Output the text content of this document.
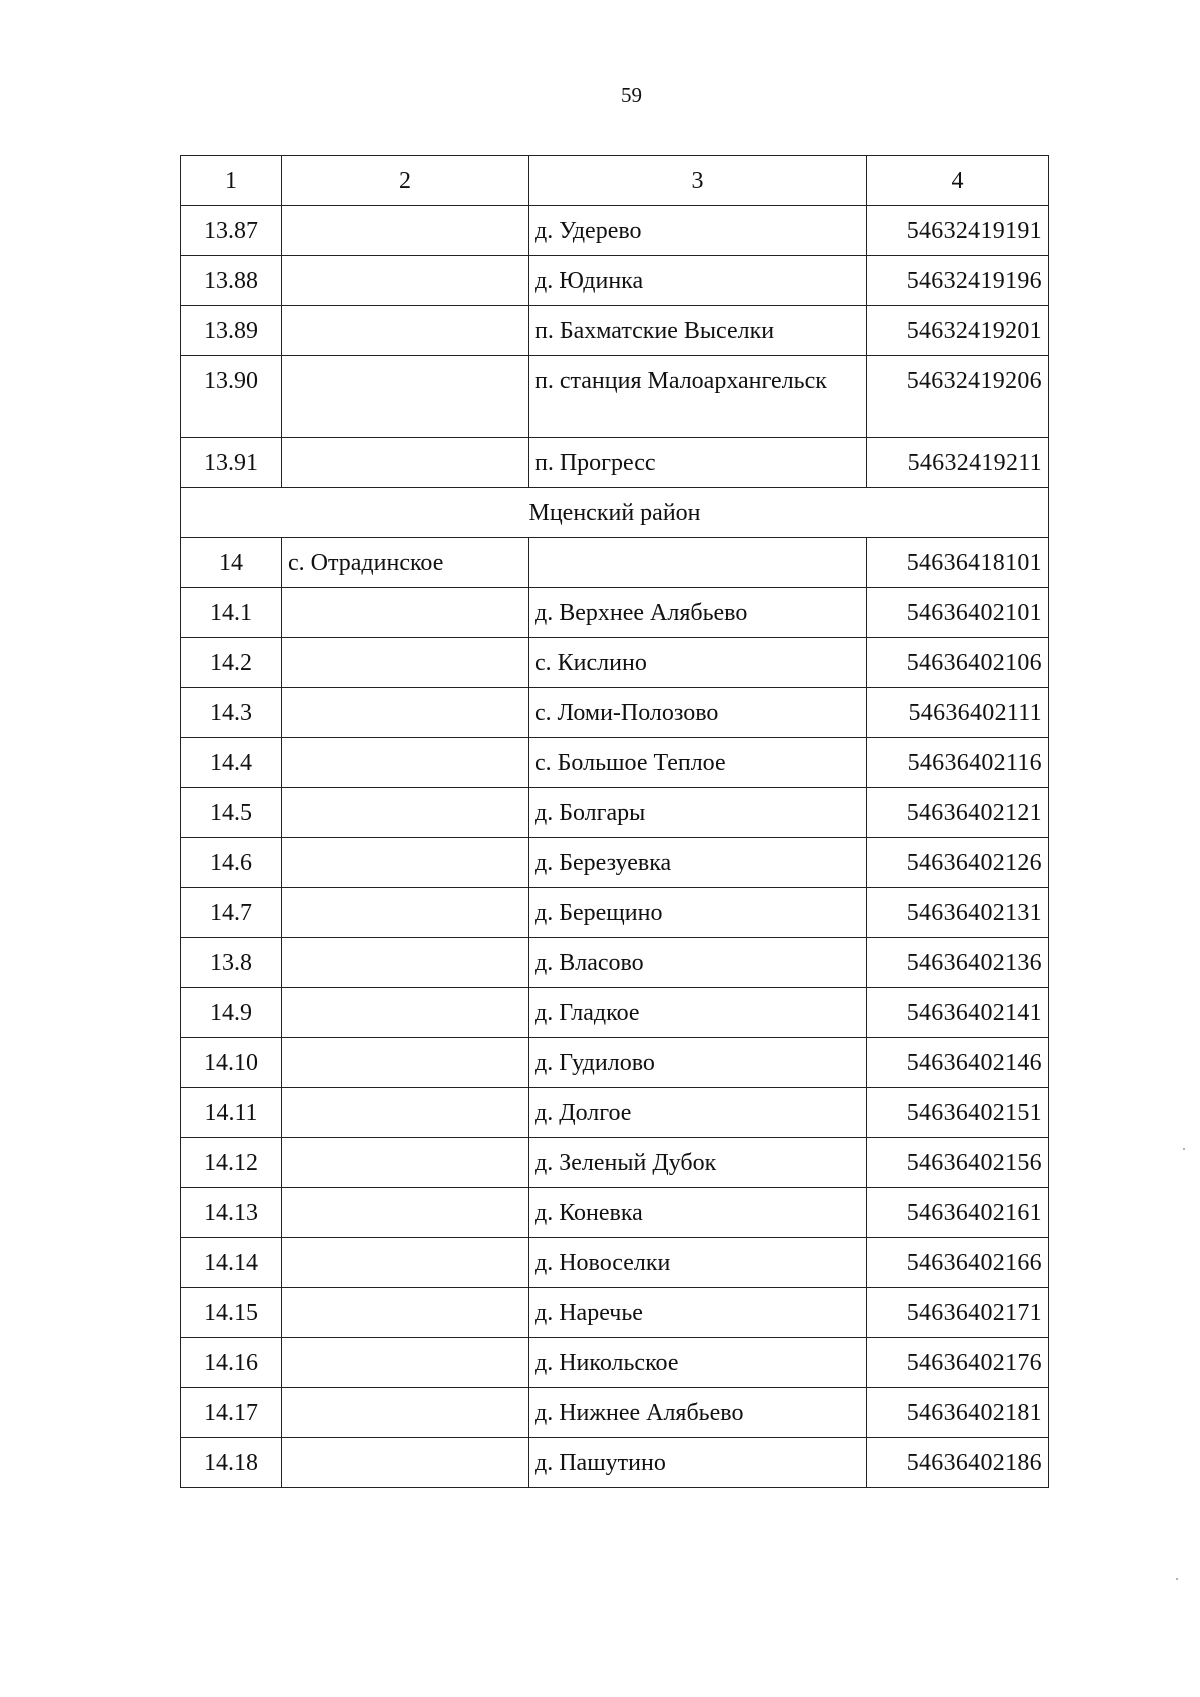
59
1	2	3	4
13.87		д. Удерево	54632419191
13.88		д. Юдинка	54632419196
13.89		п. Бахматские Выселки	54632419201
13.90		п. станция Малоархангельск	54632419206
13.91		п. Прогресс	54632419211
Мценский район			
14	с. Отрадинское		54636418101
14.1		д. Верхнее Алябьево	54636402101
14.2		с. Кислино	54636402106
14.3		с. Ломи-Полозово	54636402111
14.4		с. Большое Теплое	54636402116
14.5		д. Болгары	54636402121
14.6		д. Березуевка	54636402126
14.7		д. Берещино	54636402131
13.8		д. Власово	54636402136
14.9		д. Гладкое	54636402141
14.10		д. Гудилово	54636402146
14.11		д. Долгое	54636402151
14.12		д. Зеленый Дубок	54636402156
14.13		д. Коневка	54636402161
14.14		д. Новоселки	54636402166
14.15		д. Наречье	54636402171
14.16		д. Никольское	54636402176
14.17		д. Нижнее Алябьево	54636402181
14.18		д. Пашутино	54636402186
